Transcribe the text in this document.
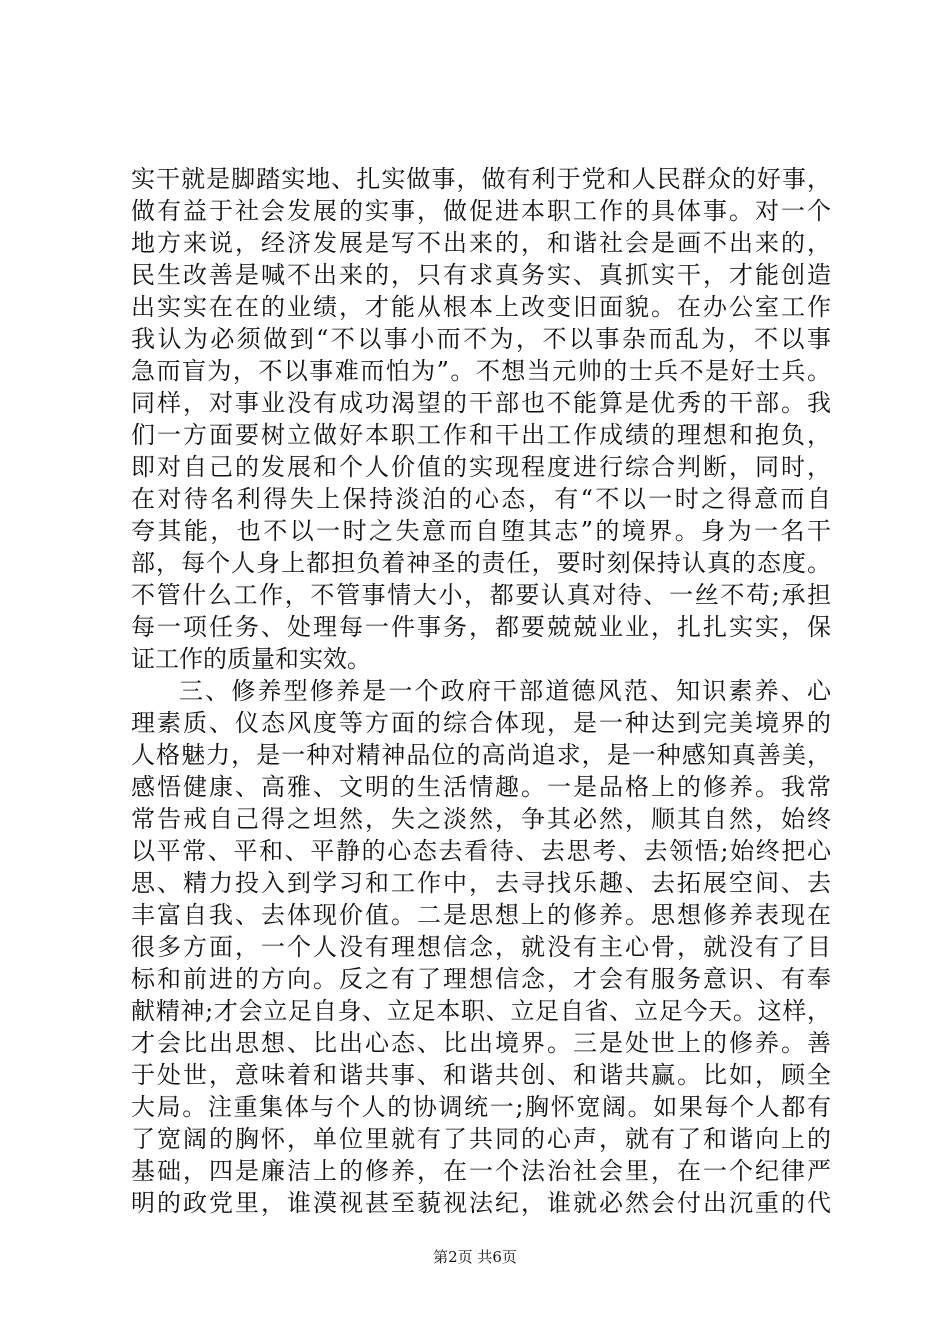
实干就是脚踏实地、扎实做事，做有利于党和人民群众的好事，
做有益于社会发展的实事，做促进本职工作的具体事。对一个
地方来说，经济发展是写不出来的，和谐社会是画不出来的，
民生改善是喊不出来的，只有求真务实、真抓实干，才能创造
出实实在在的业绩，才能从根本上改变旧面貌。在办公室工作
我认为必须做到“不以事小而不为，不以事杂而乱为，不以事
急而盲为，不以事难而怕为”。不想当元帅的士兵不是好士兵。
同样，对事业没有成功渴望的干部也不能算是优秀的干部。我
们一方面要树立做好本职工作和干出工作成绩的理想和抱负，
即对自己的发展和个人价值的实现程度进行综合判断，同时，
在对待名利得失上保持淡泊的心态，有“不以一时之得意而自
夸其能，也不以一时之失意而自堕其志”的境界。身为一名干
部，每个人身上都担负着神圣的责任，要时刻保持认真的态度。
不管什么工作，不管事情大小，都要认真对待、一丝不苟;承担
每一项任务、处理每一件事务，都要兢兢业业，扎扎实实，保
证工作的质量和实效。
三、修养型修养是一个政府干部道德风范、知识素养、心
理素质、仪态风度等方面的综合体现，是一种达到完美境界的
人格魅力，是一种对精神品位的高尚追求，是一种感知真善美，
感悟健康、高雅、文明的生活情趣。一是品格上的修养。我常
常告戒自己得之坦然，失之淡然，争其必然，顺其自然，始终
以平常、平和、平静的心态去看待、去思考、去领悟;始终把心
思、精力投入到学习和工作中，去寻找乐趣、去拓展空间、去
丰富自我、去体现价值。二是思想上的修养。思想修养表现在
很多方面，一个人没有理想信念，就没有主心骨，就没有了目
标和前进的方向。反之有了理想信念，才会有服务意识、有奉
献精神;才会立足自身、立足本职、立足自省、立足今天。这样，
才会比出思想、比出心态、比出境界。三是处世上的修养。善
于处世，意味着和谐共事、和谐共创、和谐共赢。比如，顾全
大局。注重集体与个人的协调统一;胸怀宽阔。如果每个人都有
了宽阔的胸怀，单位里就有了共同的心声，就有了和谐向上的
基础，四是廉洁上的修养，在一个法治社会里，在一个纪律严
明的政党里，谁漠视甚至藐视法纪，谁就必然会付出沉重的代
第2页 共6页
